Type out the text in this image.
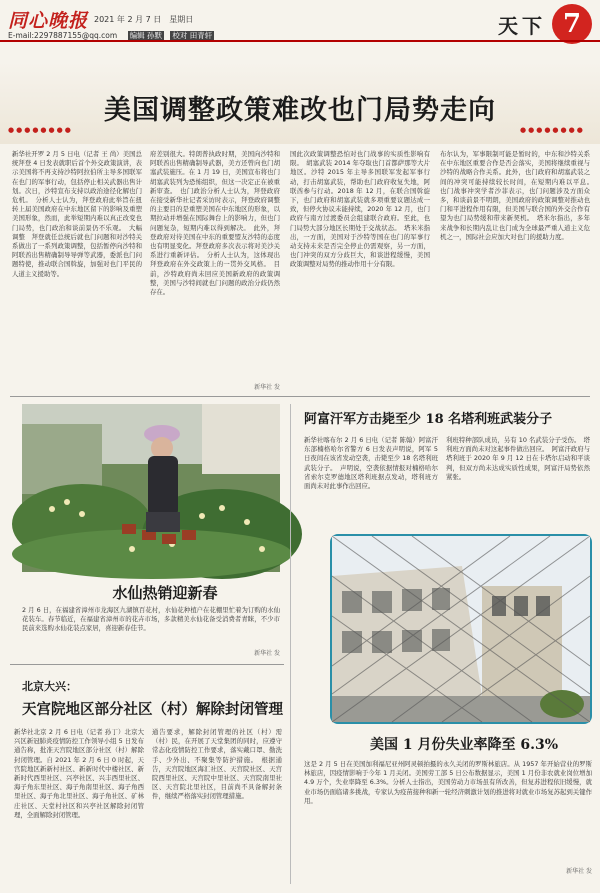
同心晚报 2021 年 2 月 7 日　星期日
E-mail:2297887155@qq.com 编辑 孙默 校对 田青轩	天下 7
美国调整政策难改也门局势走向
●●●●●●●●	●●●●●●●●
新华社开罗 2 月 5 日电（记者 王 尚）美国总统拜登 4 日发表就职后首个外交政策演讲，表示美国将不再支持沙特阿拉伯所主导多国联军在也门的军事行动，包括停止相关武器出售计划。次日，沙特宣布支持以政治途径化解也门危机。　分析人士认为，拜登政府此举旨在扭转上届美国政府在中东地区留下的影响及重塑美国形象，然而，此举短期内难以真正改变也门局势，也门政治和谈前景仍不乐观。　大幅调整　拜登就任总统后就也门问题和对沙特关系做出了一系列政策调整，包括暂停向沙特和阿联酋出售精确制导导弹等武器，委派也门问题特使，推动联合国斡旋，加强对也门平民的人道主义援助等。
府差别很大。特朗普执政时期，美国向沙特和阿联酋出售精确制导武器，美方还曾向也门胡塞武装施压。在 1 月 19 日，美国宣布将也门胡塞武装列为恐怖组织，但这一决定正在被重新审查。　也门政治分析人士认为，拜登政府在接受新华社记者采访时表示，拜登政府调整的主要目的是重塑美国在中东地区的形象，以期拉动并增强在国际舞台上的影响力，但也门问题复杂，短期内难以得到解决。　此外，拜登政府对待美国在中东的重要盟友沙特的态度也有明显变化。拜登政府多次表示将对美沙关系进行重新评估。　分析人士认为，这体现出拜登政府在外交政策上的一贯外交风格。　目前，沙特政府尚未回应美国新政府的政策调整，美国与沙特间就也门问题的政治分歧仍然存在。
新华社 发
国此次政策调整恐怕对也门战事的实质性影响有限。　胡塞武装 2014 年夺取也门首都萨那等大片地区。沙特 2015 年主导多国联军发起军事行动，打击胡塞武装，帮助也门政府收复失地，阿联酋参与行动。2018 年 12 月，在联合国斡旋下，也门政府和胡塞武装就多项重要议题达成一致，但停火协议未能持续，2020 年 12 月，也门政府与南方过渡委员会组建联合政府。至此，也门局势大部分地区长期处于交战状态。　塔米米指出，一方面，美国对于沙特等国在也门的军事行动支持未来是否完全停止仍需观察，另一方面，也门冲突的双方分歧巨大，和谈进程缓慢，美国政策调整对局势的推动作用十分有限。
布尔认为，军事限制可能是暂时的，中东和沙特关系在中东地区重要合作是否会落实，美国将继续重视与沙特的战略合作关系。此外，也门政府和胡塞武装之间的冲突可能持续较长时间，在短期内难以平息。　也门战事冲突学者沙菲表示，也门问题涉及方面众多，和谈前景不明朗，美国政府的政策调整对推动也门和平进程作用有限，但美国与联合国的外交合作有望为也门局势缓和带来新契机。　塔米尔指出，多年来战争和长期内乱让也门成为全球最严重人道主义危机之一，国际社会应加大对也门的援助力度。
水仙热销迎新春
2 月 6 日，在福建省漳州市龙海区九湖镇百花村，水仙花种植户在花棚里忙着为订购的水仙花装车。春节临近，在福建省漳州市的花卉市场，多款精美水仙花备受消费者青睐，不少市民前来选购水仙花装点家居，喜迎新春佳节。
新华社 发
阿富汗军方击毙至少 18 名塔利班武装分子
新华社喀布尔 2 月 6 日电（记者 陈翰）阿富汗东部楠格哈尔省警方 6 日发表声明说，阿军 5 日夜间在该省发动空袭，击毙至少 18 名塔利班武装分子。　声明说，空袭依据情报对楠格哈尔省索尔克罗德地区塔利班据点发动，塔利班方面尚未对此事作出回应。
利班特种部队成员，另有 10 名武装分子受伤。　塔利班方面尚未对这起事件做出回应。　阿富汗政府与塔利班于 2020 年 9 月 12 日在卡塔尔启动和平谈判，但双方尚未达成实质性成果，阿富汗局势依然紧张。
美国 1 月份失业率降至 6.3%
这是 2 月 5 日在美国加利福尼亚州阿灵顿拍摄的永久关闭的罗斯林旅店。从 1957 年开始营业的罗斯林旅店，因疫情影响于今年 1 月关闭。美国劳工部 5 日公布数据显示，美国 1 月份非农就业岗位增加 4.9 万个，失业率降至 6.3%。分析人士指出，美国劳动力市场虽有所改善，但复苏进程依旧缓慢，就业市场仍面临诸多挑战，专家认为疫苗接种和新一轮经济刺激计划的推进将对就业市场复苏起到关键作用。
新华社 发
北京大兴：
天宫院地区部分社区（村）解除封闭管理
新华社北京 2 月 6 日电（记者 孙丁）北京大兴区新冠肺炎疫情防控工作领导小组 5 日发布通告称，批准天宫院地区部分社区（村）解除封闭管理。自 2021 年 2 月 6 日 0 时起，天宫院地区新新村社区、新新时代中楼社区、新新时代西里社区、兴亭社区、兴丰西里社区、海子角东里社区、海子角南里社区、海子角西里社区、海子角北里社区、海子角社区、矿林庄社区、天堂村社区和兴亭社区解除封闭管理，全面解除封闭管理。
通告要求，解除封闭管理的社区（村）需（村）民，在开展了天堂集团的同时，应遵守常态化疫情防控工作要求，落实戴口罩、勤洗手、少外出、不聚集等防护措施。　根据通告，天宫院地区海汇社区、天宫院社区、天宫院西里社区、天宫院中里社区、天宫院南里社区、天宫院北里社区，目前尚不具备解封条件，继续严格落实封闭管理措施。
